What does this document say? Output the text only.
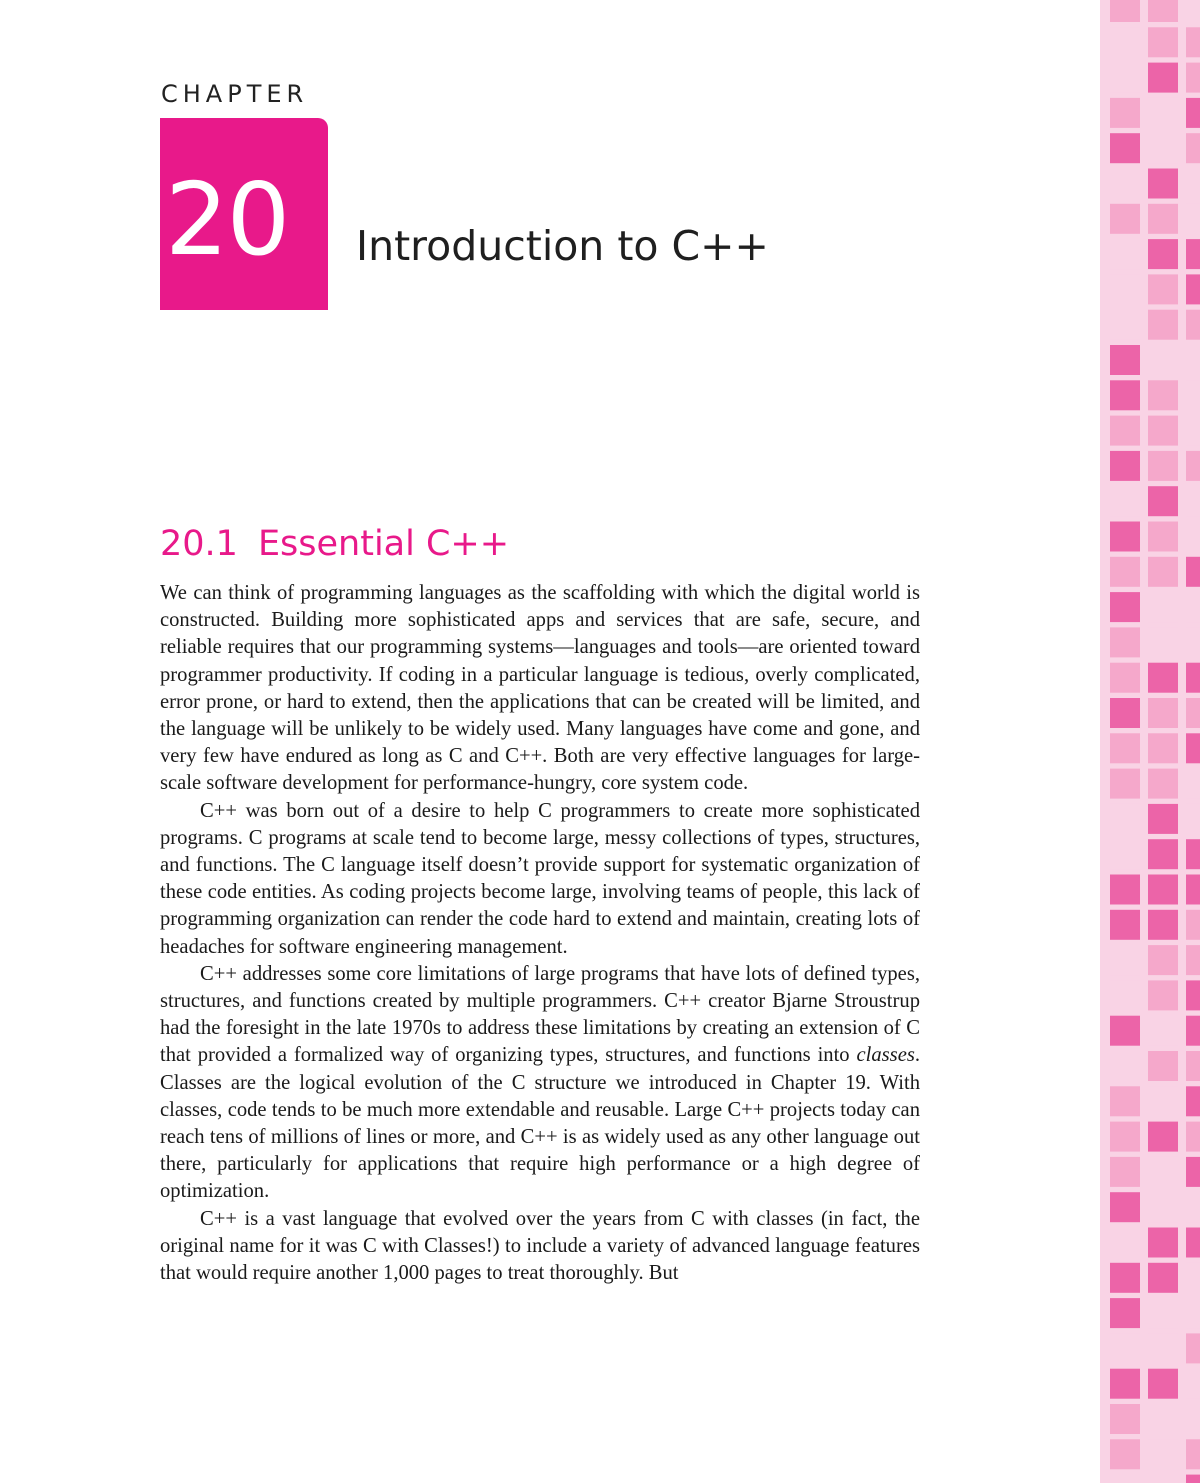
CHAPTER
20 Introduction to C++
20.1 Essential C++

We can think of programming languages as the scaffolding with which the digital world is constructed. Building more sophisticated apps and services that are safe, secure, and reliable requires that our programming systems—languages and tools—are oriented toward programmer productivity. If coding in a particular language is tedious, overly complicated, error prone, or hard to extend, then the applications that can be created will be limited, and the language will be unlikely to be widely used. Many languages have come and gone, and very few have endured as long as C and C++. Both are very effective languages for large-scale software development for performance-hungry, core system code.

C++ was born out of a desire to help C programmers to create more sophisticated programs. C programs at scale tend to become large, messy collections of types, structures, and functions. The C language itself doesn’t provide support for systematic organization of these code entities. As coding projects become large, involving teams of people, this lack of programming organization can render the code hard to extend and maintain, creating lots of headaches for software engineering management.

C++ addresses some core limitations of large programs that have lots of defined types, structures, and functions created by multiple programmers. C++ creator Bjarne Stroustrup had the foresight in the late 1970s to address these limitations by creating an extension of C that provided a formalized way of organizing types, structures, and functions into classes. Classes are the logical evolution of the C structure we introduced in Chapter 19. With classes, code tends to be much more extendable and reusable. Large C++ projects today can reach tens of millions of lines or more, and C++ is as widely used as any other language out there, particularly for applications that require high performance or a high degree of optimization.

C++ is a vast language that evolved over the years from C with classes (in fact, the original name for it was C with Classes!) to include a variety of advanced language features that would require another 1,000 pages to treat thoroughly. But
